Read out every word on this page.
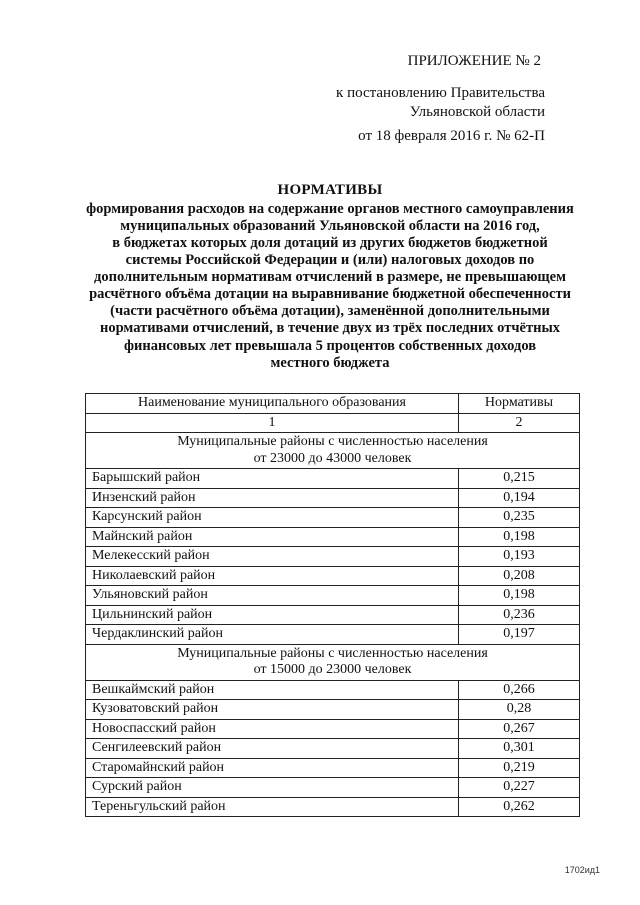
ПРИЛОЖЕНИЕ № 2
к постановлению Правительства
Ульяновской области
от 18 февраля 2016 г. № 62-П
НОРМАТИВЫ
формирования расходов на содержание органов местного самоуправления
муниципальных образований Ульяновской области на 2016 год,
в бюджетах которых доля дотаций из других бюджетов бюджетной
системы Российской Федерации и (или) налоговых доходов по
дополнительным нормативам отчислений в размере, не превышающем
расчётного объёма дотации на выравнивание бюджетной обеспеченности
(части расчётного объёма дотации), заменённой дополнительными
нормативами отчислений, в течение двух из трёх последних отчётных
финансовых лет превышала 5 процентов собственных доходов
местного бюджета
Наименование муниципального образования	Нормативы
1	2

Муниципальные районы с численностью населения
от 23000 до 43000 человек	

Барышский район	0,215
Инзенский район	0,194
Карсунский район	0,235
Майнский район	0,198
Мелекесский район	0,193
Николаевский район	0,208
Ульяновский район	0,198
Цильнинский район	0,236
Чердаклинский район	0,197

Муниципальные районы с численностью населения
от 15000 до 23000 человек	

Вешкаймский район	0,266
Кузоватовский район	0,28
Новоспасский район	0,267
Сенгилеевский район	0,301
Старомайнский район	0,219
Сурский район	0,227
Тереньгульский район	0,262
1702ид1
